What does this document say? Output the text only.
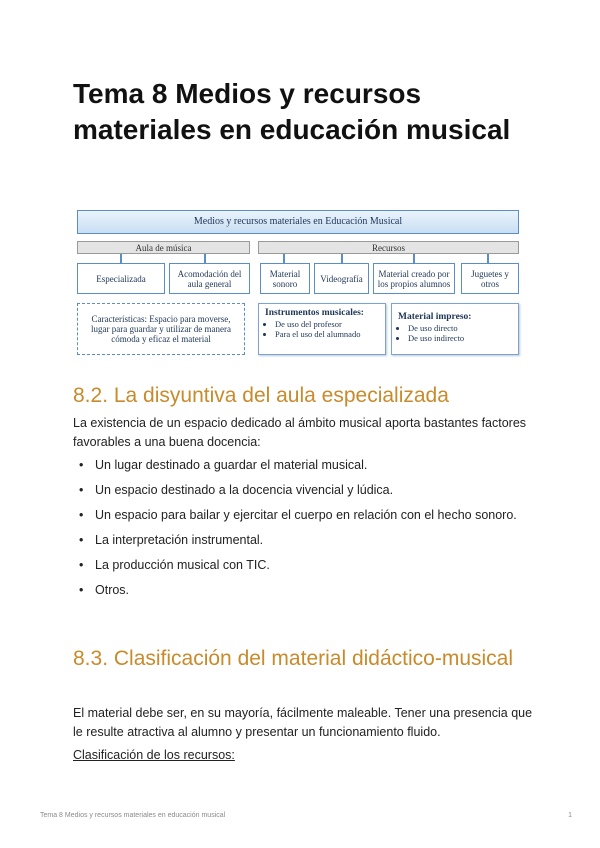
Tema 8 Medios y recursos materiales en educación musical
Medios y recursos materiales en Educación Musical
Aula de música
Especializada	Acomodación del aula general
Características: Espacio para moverse, lugar para guardar y utilizar de manera cómoda y eficaz el material
Recursos
Material sonoro	Videografía	Material creado por los propios alumnos
Juguetes y otros
Instrumentos musicales:
• De uso del profesor
• Para el uso del alumnado
Material impreso:
• De uso directo
• De uso indirecto
8.2. La disyuntiva del aula especializada

La existencia de un espacio dedicado al ámbito musical aporta bastantes factores favorables a una buena docencia:

• Un lugar destinado a guardar el material musical.
• Un espacio destinado a la docencia vivencial y lúdica.
• Un espacio para bailar y ejercitar el cuerpo en relación con el hecho sonoro.
• La interpretación instrumental.
• La producción musical con TIC.
• Otros.
8.3. Clasificación del material didáctico-musical

El material debe ser, en su mayoría, fácilmente maleable. Tener una presencia que le resulte atractiva al alumno y presentar un funcionamiento fluido.

Clasificación de los recursos:
Tema 8 Medios y recursos materiales en educación musical	1
